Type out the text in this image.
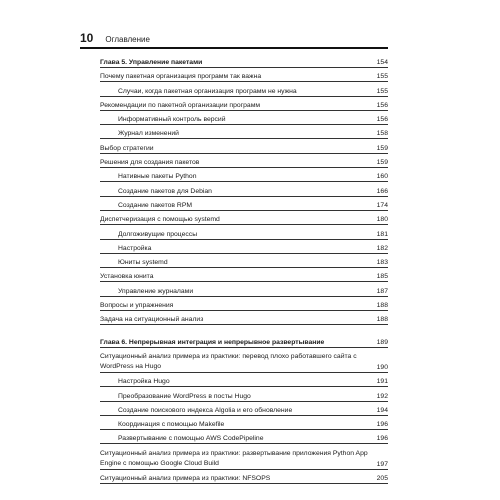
10 Оглавление
Глава 5. Управление пакетами	154
Почему пакетная организация программ так важна	155
Случаи, когда пакетная организация программ не нужна	155
Рекомендации по пакетной организации программ	156
Информативный контроль версий	156
Журнал изменений	158
Выбор стратегии	159
Решения для создания пакетов	159
Нативные пакеты Python	160
Создание пакетов для Debian	166
Создание пакетов RPM	174
Диспетчеризация с помощью systemd	180
Долгоживущие процессы	181
Настройка	182
Юниты systemd	183
Установка юнита	185
Управление журналами	187
Вопросы и упражнения	188
Задача на ситуационный анализ	188
Глава 6. Непрерывная интеграция и непрерывное развертывание	189
Ситуационный анализ примера из практики: перевод плохо работавшего сайта с WordPress на Hugo	190
Настройка Hugo	191
Преобразование WordPress в посты Hugo	192
Создание поискового индекса Algolia и его обновление	194
Координация с помощью Makefile	196
Развертывание с помощью AWS CodePipeline	196
Ситуационный анализ примера из практики: развертывание приложения Python App Engine с помощью Google Cloud Build	197
Ситуационный анализ примера из практики: NFSOPS	205
